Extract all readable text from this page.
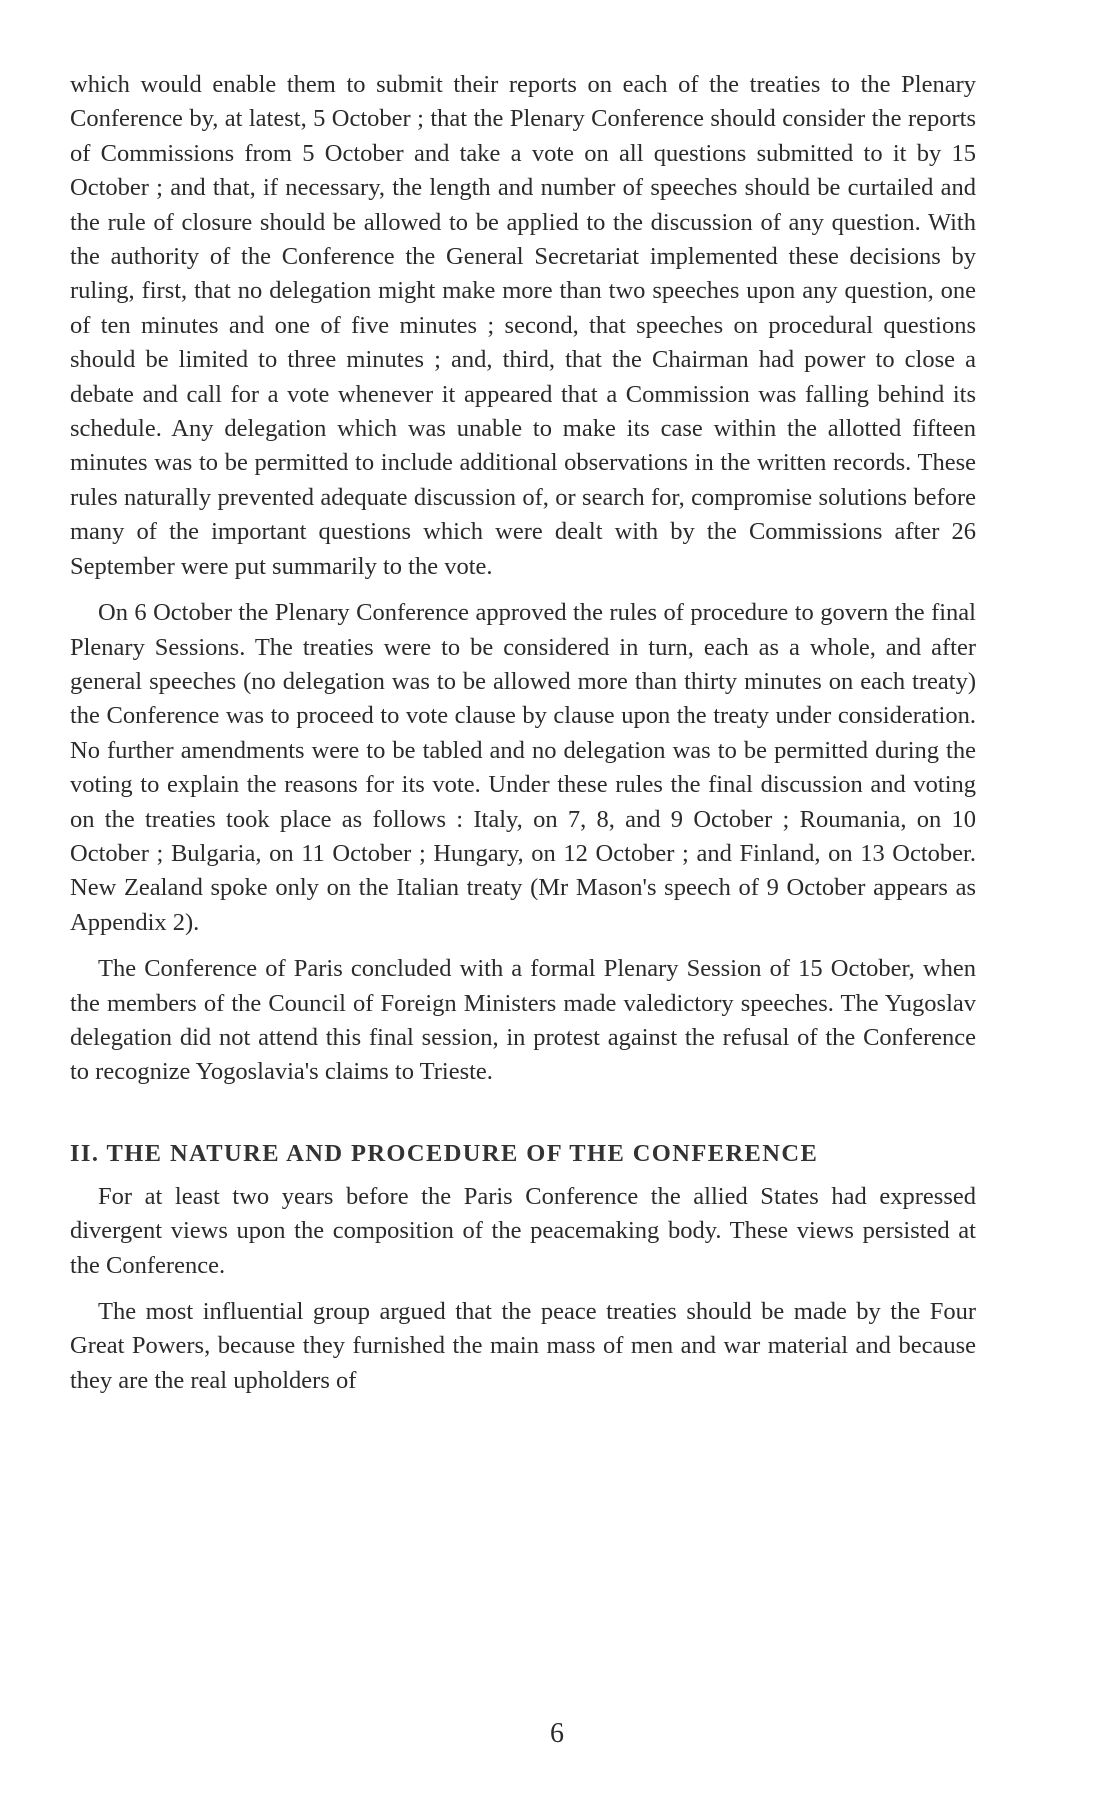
which would enable them to submit their reports on each of the treaties to the Plenary Conference by, at latest, 5 October ; that the Plenary Conference should consider the reports of Commissions from 5 October and take a vote on all questions submitted to it by 15 October ; and that, if necessary, the length and number of speeches should be curtailed and the rule of closure should be allowed to be applied to the discussion of any question. With the authority of the Conference the General Secretariat implemented these decisions by ruling, first, that no delegation might make more than two speeches upon any question, one of ten minutes and one of five minutes ; second, that speeches on procedural questions should be limited to three minutes ; and, third, that the Chairman had power to close a debate and call for a vote whenever it appeared that a Commission was falling behind its schedule. Any delegation which was unable to make its case within the allotted fifteen minutes was to be permitted to include additional observations in the written records. These rules naturally prevented adequate discussion of, or search for, compromise solutions before many of the important questions which were dealt with by the Commissions after 26 September were put summarily to the vote.

On 6 October the Plenary Conference approved the rules of procedure to govern the final Plenary Sessions. The treaties were to be considered in turn, each as a whole, and after general speeches (no delegation was to be allowed more than thirty minutes on each treaty) the Conference was to proceed to vote clause by clause upon the treaty under consideration. No further amendments were to be tabled and no delegation was to be permitted during the voting to explain the reasons for its vote. Under these rules the final discussion and voting on the treaties took place as follows : Italy, on 7, 8, and 9 October ; Roumania, on 10 October ; Bulgaria, on 11 October ; Hungary, on 12 October ; and Finland, on 13 October. New Zealand spoke only on the Italian treaty (Mr Mason's speech of 9 October appears as Appendix 2).

The Conference of Paris concluded with a formal Plenary Session of 15 October, when the members of the Council of Foreign Ministers made valedictory speeches. The Yugoslav delegation did not attend this final session, in protest against the refusal of the Conference to recognize Yogoslavia's claims to Trieste.

II. THE NATURE AND PROCEDURE OF THE CONFERENCE

For at least two years before the Paris Conference the allied States had expressed divergent views upon the composition of the peacemaking body. These views persisted at the Conference.

The most influential group argued that the peace treaties should be made by the Four Great Powers, because they furnished the main mass of men and war material and because they are the real upholders of

6
